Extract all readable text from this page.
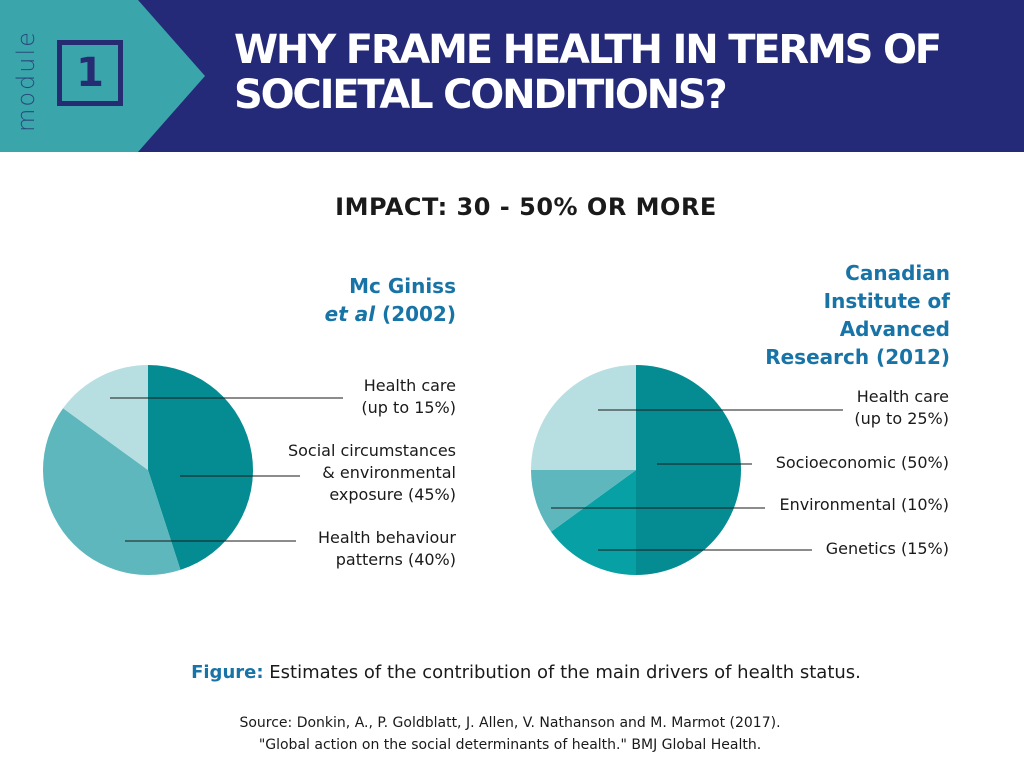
module 1	WHY FRAME HEALTH IN TERMS OF
SOCIETAL CONDITIONS?
IMPACT: 30 - 50% OR MORE
Mc Giniss
et al (2002)
Canadian
Institute of
Advanced
Research (2012)
Social circumstances
& environmental
exposure (45%)
Health behaviour
patterns (40%)
Health care
(up to 15%)
Socioeconomic (50%)
Genetics (15%)
Environmental (10%)
Health care
(up to 25%)
Figure: Estimates of the contribution of the main drivers of health status.
Source: Donkin, A., P. Goldblatt, J. Allen, V. Nathanson and M. Marmot (2017).
"Global action on the social determinants of health." BMJ Global Health.
